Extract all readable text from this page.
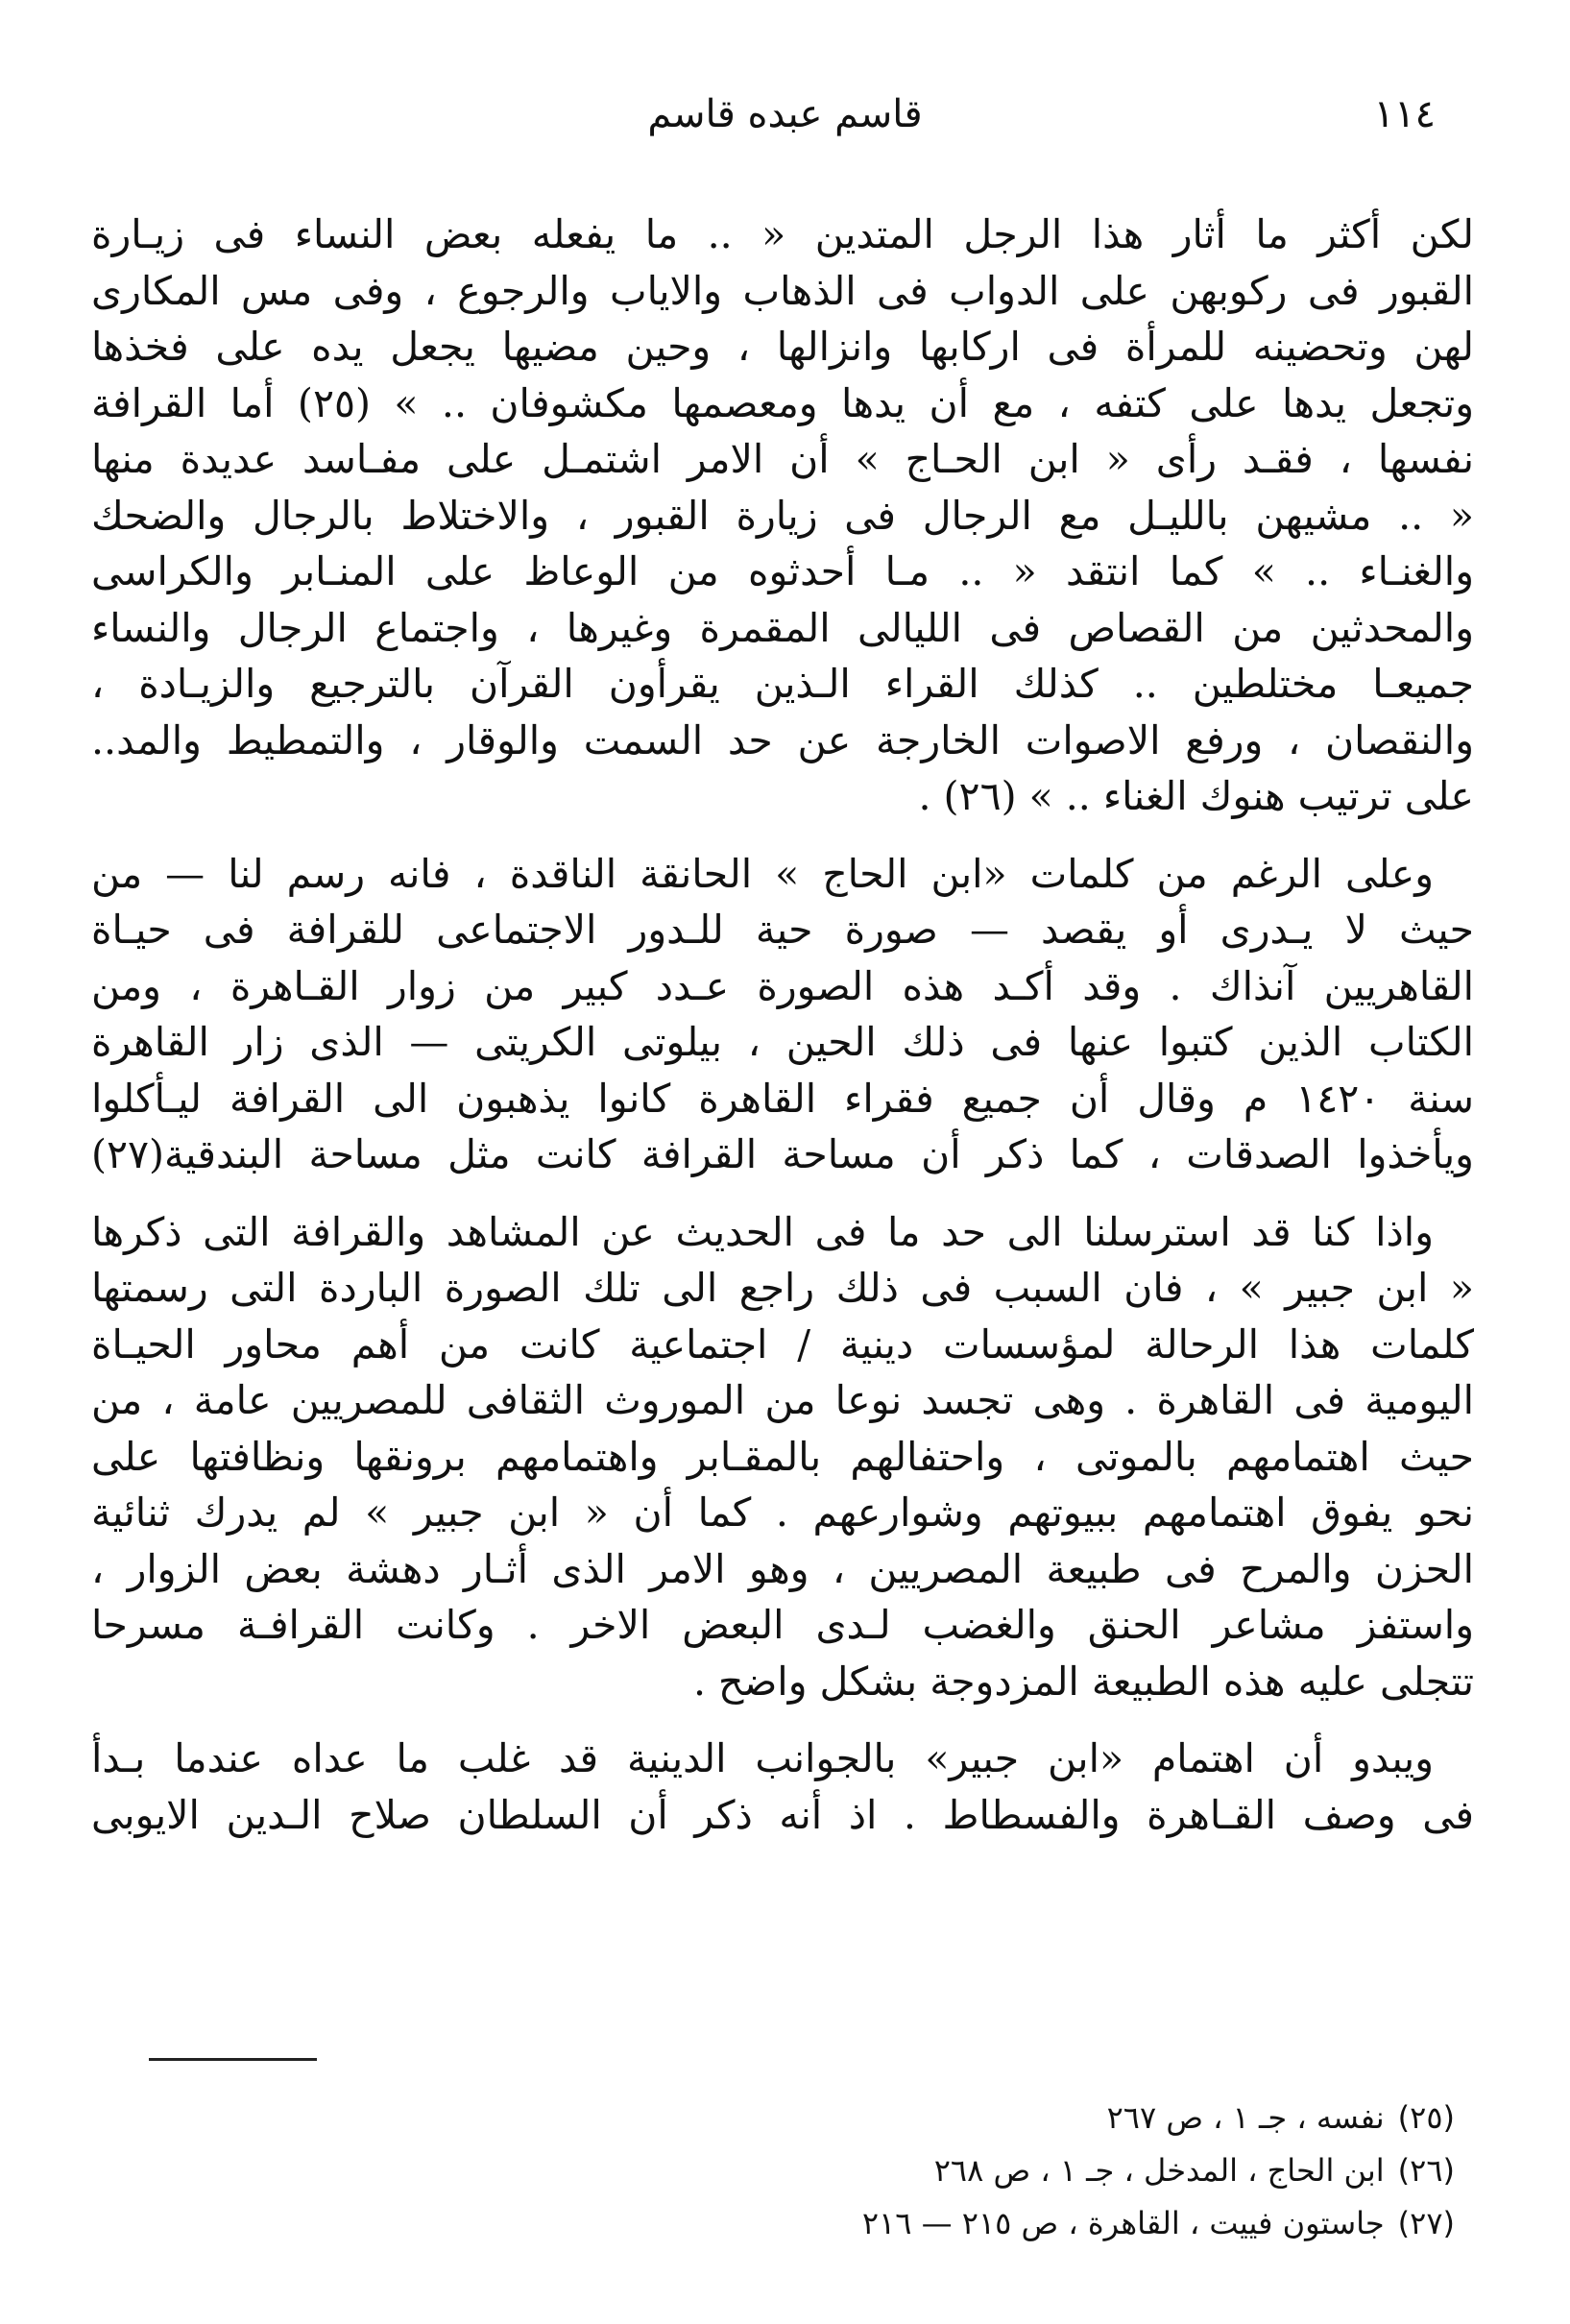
١١٤
قاسم عبده قاسم
لكن أكثر ما أثار هذا الرجل المتدين « .. ما يفعله بعض النساء فى زيـارة
القبور فى ركوبهن على الدواب فى الذهاب والاياب والرجوع ، وفى مس المكارى
لهن وتحضينه للمرأة فى اركابها وانزالها ، وحين مضيها يجعل يده على فخذها
وتجعل يدها على كتفه ، مع أن يدها ومعصمها مكشوفان .. » (٢٥) أما القرافة
نفسها ، فقـد رأى « ابن الحـاج » أن الامر اشتمـل على مفـاسد عديدة منها
« .. مشيهن بالليـل مع الرجال فى زيارة القبور ، والاختلاط بالرجال والضحك
والغنـاء .. » كما انتقد « .. مـا أحدثوه من الوعاظ على المنـابر والكراسى
والمحدثين من القصاص فى الليالى المقمرة وغيرها ، واجتماع الرجال والنساء
جميعـا مختلطين .. كذلك القراء الـذين يقرأون القرآن بالترجيع والزيـادة ،
والنقصان ، ورفع الاصوات الخارجة عن حد السمت والوقار ، والتمطيط والمد..
على ترتيب هنوك الغناء .. » (٢٦) .
وعلى الرغم من كلمات «ابن الحاج » الحانقة الناقدة ، فانه رسم لنا — من
حيث لا يـدرى أو يقصد — صورة حية للـدور الاجتماعى للقرافة فى حيـاة
القاهريين آنذاك . وقد أكـد هذه الصورة عـدد كبير من زوار القـاهرة ، ومن
الكتاب الذين كتبوا عنها فى ذلك الحين ، بيلوتى الكريتى — الذى زار القاهرة
سنة ١٤٢٠ م وقال أن جميع فقراء القاهرة كانوا يذهبون الى القرافة ليـأكلوا
ويأخذوا الصدقات ، كما ذكر أن مساحة القرافة كانت مثل مساحة البندقية(٢٧)
واذا كنا قد استرسلنا الى حد ما فى الحديث عن المشاهد والقرافة التى ذكرها
« ابن جبير » ، فان السبب فى ذلك راجع الى تلك الصورة الباردة التى رسمتها
كلمات هذا الرحالة لمؤسسات دينية / اجتماعية كانت من أهم محاور الحيـاة
اليومية فى القاهرة . وهى تجسد نوعا من الموروث الثقافى للمصريين عامة ، من
حيث اهتمامهم بالموتى ، واحتفالهم بالمقـابر واهتمامهم برونقها ونظافتها على
نحو يفوق اهتمامهم ببيوتهم وشوارعهم . كما أن « ابن جبير » لم يدرك ثنائية
الحزن والمرح فى طبيعة المصريين ، وهو الامر الذى أثـار دهشة بعض الزوار ،
واستفز مشاعر الحنق والغضب لـدى البعض الاخر . وكانت القرافـة مسرحا
تتجلى عليه هذه الطبيعة المزدوجة بشكل واضح .
ويبدو أن اهتمام «ابن جبير» بالجوانب الدينية قد غلب ما عداه عندما بـدأ
فى وصف القـاهرة والفسطاط . اذ أنه ذكر أن السلطان صلاح الـدين الايوبى
(٢٥)نفسه ، جـ ١ ، ص ٢٦٧
(٢٦)ابن الحاج ، المدخل ، جـ ١ ، ص ٢٦٨
(٢٧)جاستون فييت ، القاهرة ، ص ٢١٥ — ٢١٦
